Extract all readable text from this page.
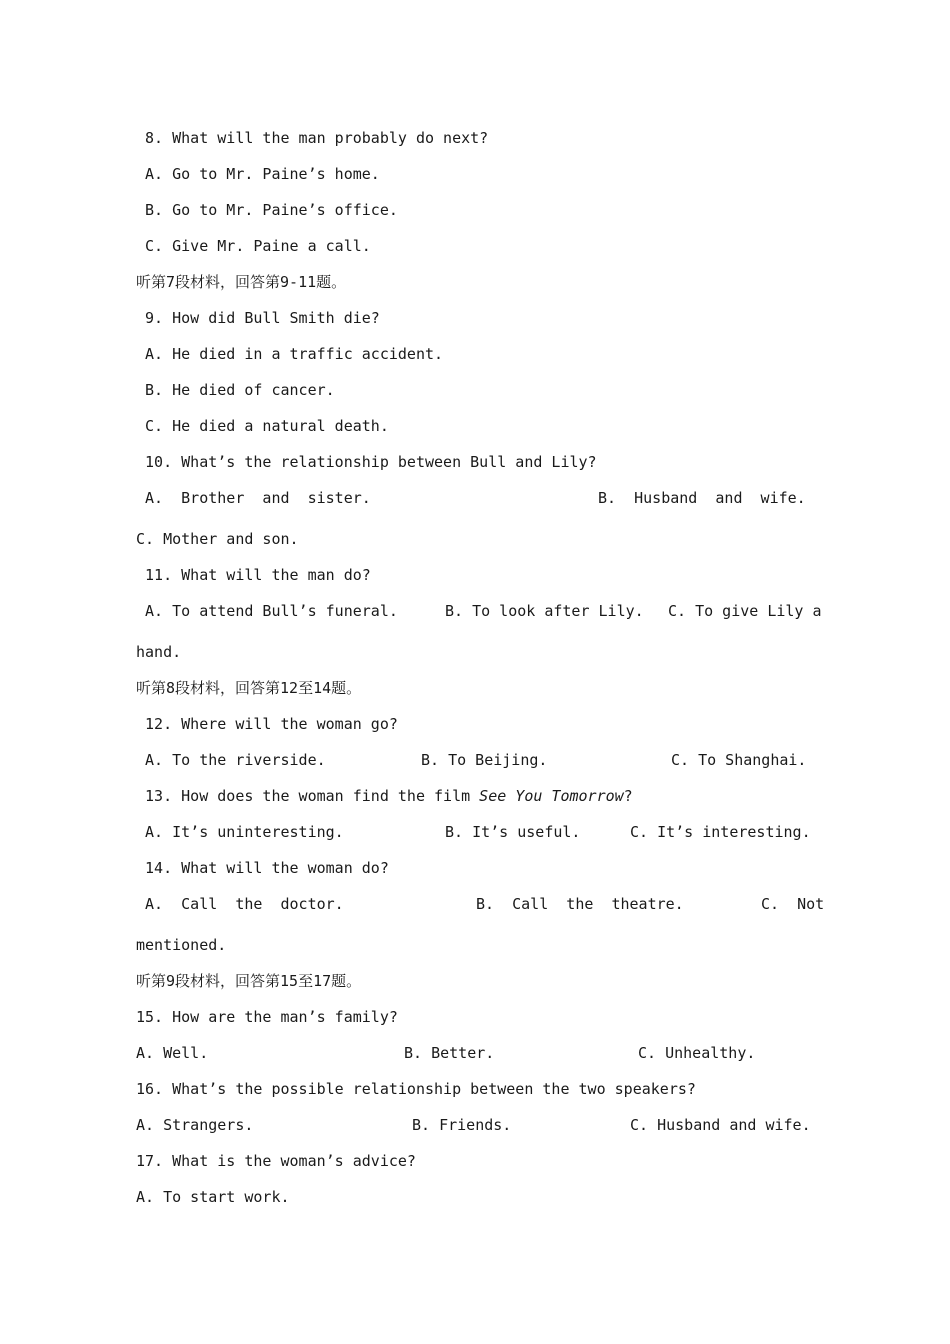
8. What will the man probably do next?
A. Go to Mr. Paine’s home.
B. Go to Mr. Paine’s office.
C. Give Mr. Paine a call.
听第7段材料，回答第9-11题。
9. How did Bull Smith die?
A. He died in a traffic accident.
B. He died of cancer.
C. He died a natural death.
10. What’s the relationship between Bull and Lily?
A.  Brother  and  sister.	B.  Husband  and  wife.
C. Mother and son.
11. What will the man do?
A. To attend Bull’s funeral.	B. To look after Lily. C. To give Lily a
hand.
听第8段材料，回答第12至14题。
12. Where will the woman go?
A. To the riverside.	B. To Beijing.	C. To Shanghai.
13. How does the woman find the film See You Tomorrow?
A. It’s uninteresting.	B. It’s useful.	C. It’s interesting.
14. What will the woman do?
A.  Call  the  doctor.	B.  Call  the  theatre.	C.  Not
mentioned.
听第9段材料，回答第15至17题。
15. How are the man’s family?
A. Well.	B. Better.	C. Unhealthy.
16. What’s the possible relationship between the two speakers?
A. Strangers.	B. Friends.	C. Husband and wife.
17. What is the woman’s advice?
A. To start work.
